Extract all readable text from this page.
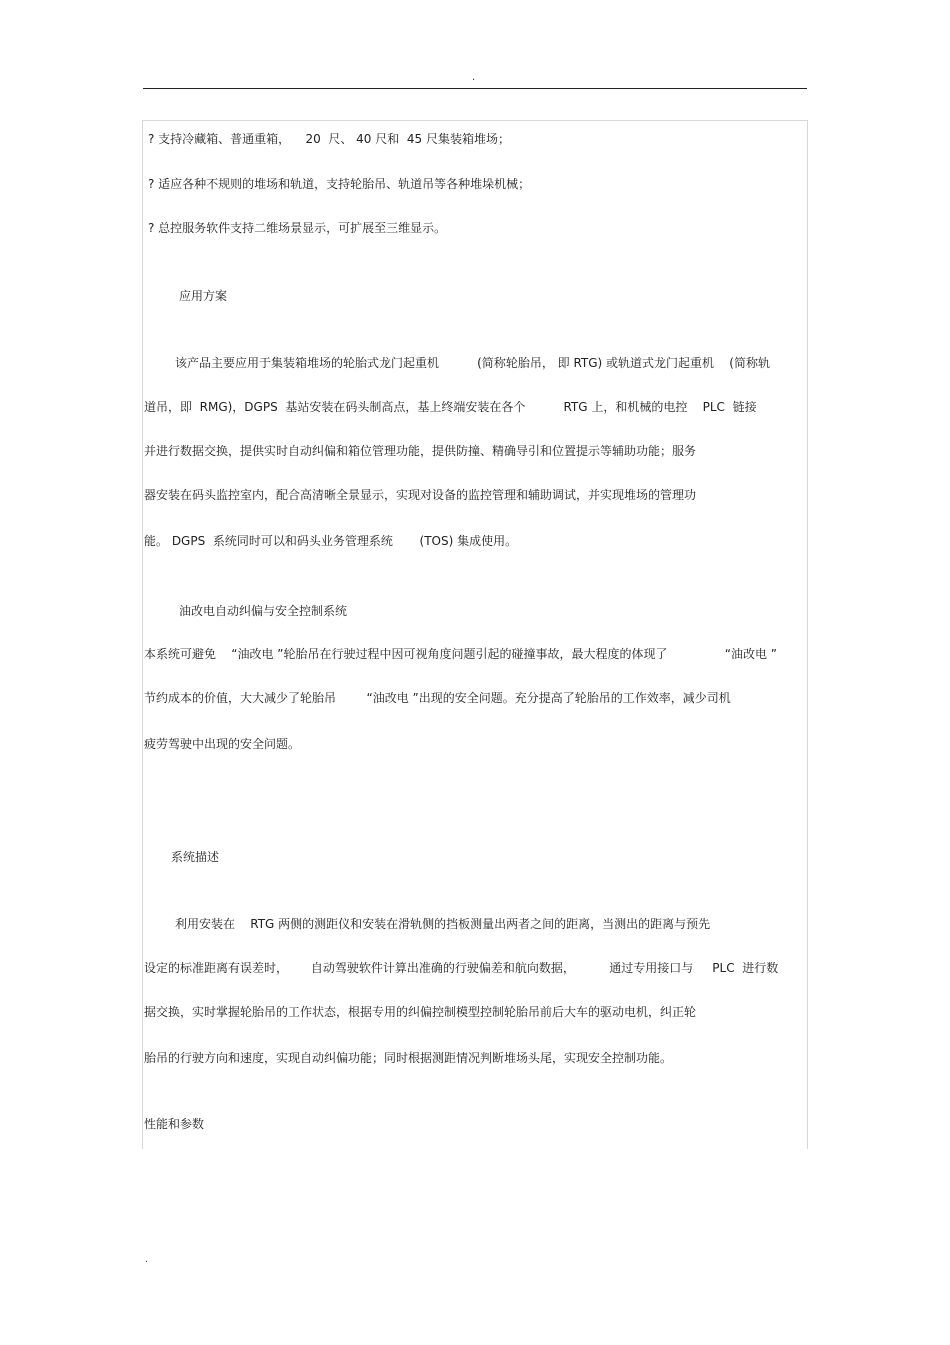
.
? 支持冷藏箱、普通重箱，    20  尺、 40 尺和  45 尺集装箱堆场；
? 适应各种不规则的堆场和轨道，支持轮胎吊、轨道吊等各种堆垛机械；
? 总控服务软件支持二维场景显示，可扩展至三维显示。
应用方案
该产品主要应用于集装箱堆场的轮胎式龙门起重机          (简称轮胎吊， 即 RTG) 或轨道式龙门起重机    (简称轨
道吊，即  RMG)，DGPS  基站安装在码头制高点，基上终端安装在各个          RTG 上，和机械的电控    PLC  链接
并进行数据交换，提供实时自动纠偏和箱位管理功能，提供防撞、精确导引和位置提示等辅助功能；服务
器安装在码头监控室内，配合高清晰全景显示，实现对设备的监控管理和辅助调试，并实现堆场的管理功
能。 DGPS  系统同时可以和码头业务管理系统       (TOS) 集成使用。
油改电自动纠偏与安全控制系统
本系统可避免    “油改电 ”轮胎吊在行驶过程中因可视角度问题引起的碰撞事故，最大程度的体现了               “油改电 ”
节约成本的价值，大大减少了轮胎吊        “油改电 ”出现的安全问题。充分提高了轮胎吊的工作效率，减少司机
疲劳驾驶中出现的安全问题。
系统描述
利用安装在    RTG 两侧的测距仪和安装在滑轨侧的挡板测量出两者之间的距离，当测出的距离与预先
设定的标准距离有误差时，      自动驾驶软件计算出准确的行驶偏差和航向数据，         通过专用接口与     PLC  进行数
据交换，实时掌握轮胎吊的工作状态，根据专用的纠偏控制模型控制轮胎吊前后大车的驱动电机，纠正轮
胎吊的行驶方向和速度，实现自动纠偏功能；同时根据测距情况判断堆场头尾，实现安全控制功能。
性能和参数
.
